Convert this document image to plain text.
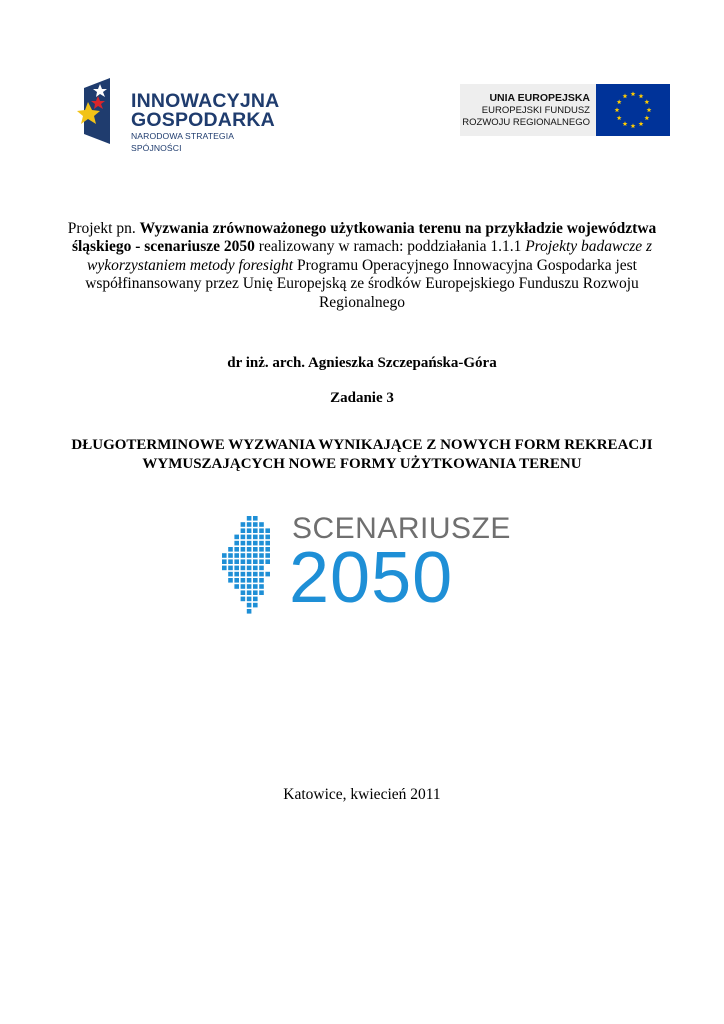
INNOWACYJNA
GOSPODARKA
NARODOWA STRATEGIA SPÓJNOŚCI
UNIA EUROPEJSKA
EUROPEJSKI FUNDUSZ
ROZWOJU REGIONALNEGO
Projekt pn. Wyzwania zrównoważonego użytkowania terenu na przykładzie województwa śląskiego - scenariusze 2050 realizowany w ramach: poddziałania 1.1.1 Projekty badawcze z wykorzystaniem metody foresight Programu Operacyjnego Innowacyjna Gospodarka jest współfinansowany przez Unię Europejską ze środków Europejskiego Funduszu Rozwoju Regionalnego
dr inż. arch. Agnieszka Szczepańska-Góra
Zadanie 3
DŁUGOTERMINOWE WYZWANIA WYNIKAJĄCE Z NOWYCH FORM REKREACJI WYMUSZAJĄCYCH NOWE FORMY UŻYTKOWANIA TERENU
SCENARIUSZE
2050
Katowice, kwiecień 2011
